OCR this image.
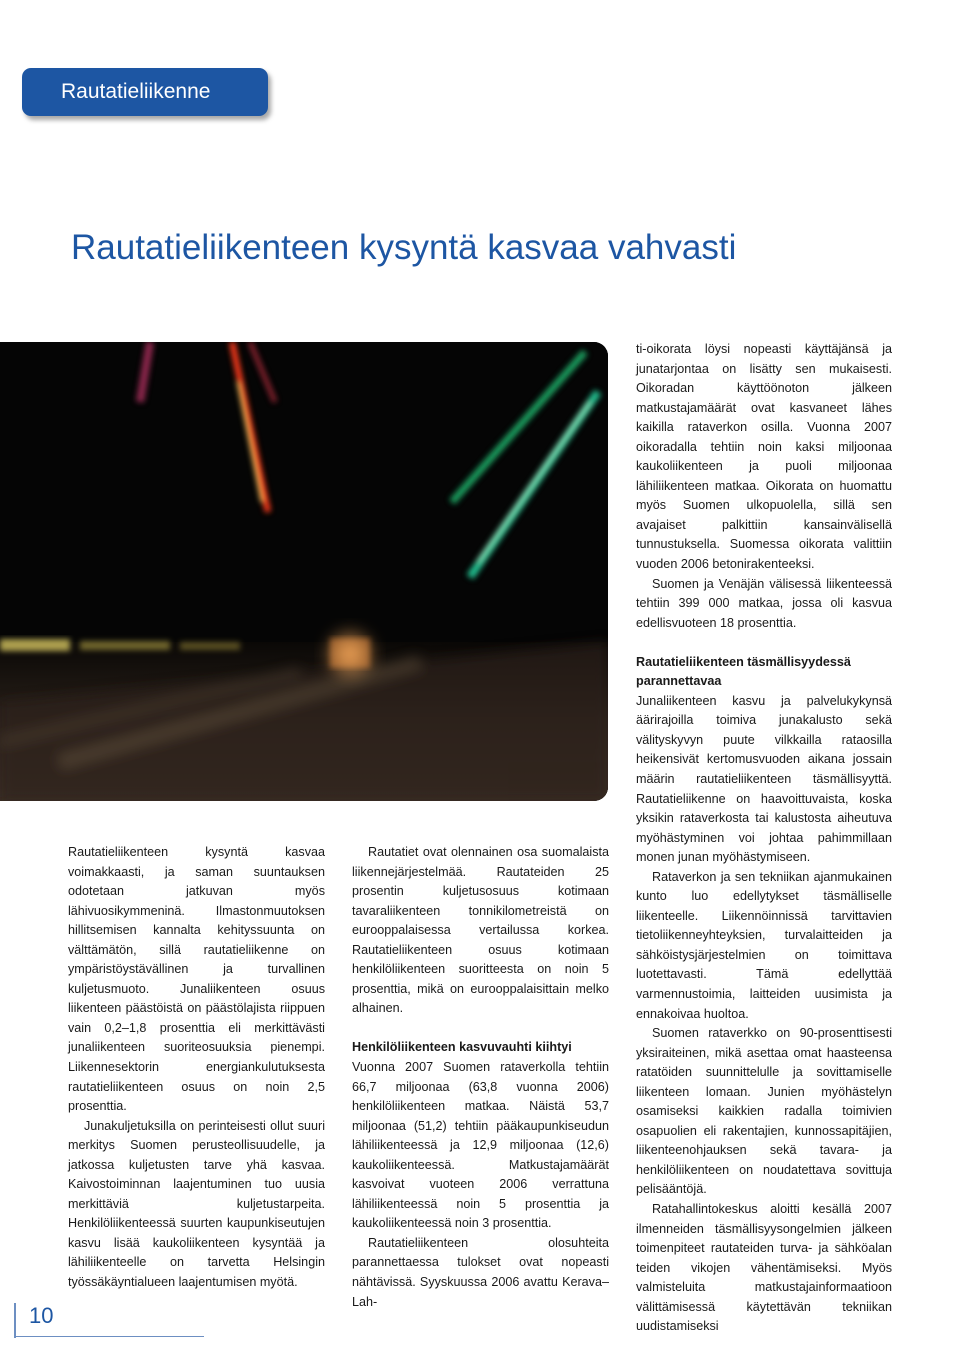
Rautatieliikenne
Rautatieliikenteen kysyntä kasvaa vahvasti

Rautatieliikenteen kysyntä kasvaa voimakkaasti, ja saman suuntauksen odotetaan jatkuvan myös lähivuosikymmeninä. Ilmastonmuutoksen hillitsemisen kannalta kehityssuunta on välttämätön, sillä rautatieliikenne on ympäristöystävällinen ja turvallinen kuljetusmuoto. Junaliikenteen osuus liikenteen päästöistä on päästölajista riippuen vain 0,2–1,8 prosenttia eli merkittävästi junaliikenteen suoriteosuuksia pienempi. Liikennesektorin energiankulutuksesta rautatieliikenteen osuus on noin 2,5 prosenttia.

Junakuljetuksilla on perinteisesti ollut suuri merkitys Suomen perusteollisuudelle, ja jatkossa kuljetusten tarve yhä kasvaa. Kaivostoiminnan laajentuminen tuo uusia merkittäviä kuljetustarpeita. Henkilöliikenteessä suurten kaupunkiseutujen kasvu lisää kaukoliikenteen kysyntää ja lähiliikenteelle on tarvetta Helsingin työssäkäyntialueen laajentumisen myötä.

Rautatiet ovat olennainen osa suomalaista liikennejärjestelmää. Rautateiden 25 prosentin kuljetusosuus kotimaan tavaraliikenteen tonnikilometreistä on eurooppalaisessa vertailussa korkea. Rautatieliikenteen osuus kotimaan henkilöliikenteen suoritteesta on noin 5 prosenttia, mikä on eurooppalaisittain melko alhainen.

Henkilöliikenteen kasvuvauhti kiihtyi

Vuonna 2007 Suomen rataverkolla tehtiin 66,7 miljoonaa (63,8 vuonna 2006) henkilöliikenteen matkaa. Näistä 53,7 miljoonaa (51,2) tehtiin pääkaupunkiseudun lähiliikenteessä ja 12,9 miljoonaa (12,6) kaukoliikenteessä. Matkustajamäärät kasvoivat vuoteen 2006 verrattuna lähiliikenteessä noin 5 prosenttia ja kaukoliikenteessä noin 3 prosenttia.

Rautatieliikenteen olosuhteita parannettaessa tulokset ovat nopeasti nähtävissä. Syyskuussa 2006 avattu Kerava–Lah-

ti-oikorata löysi nopeasti käyttäjänsä ja junatarjontaa on lisätty sen mukaisesti. Oikoradan käyttöönoton jälkeen matkustajamäärät ovat kasvaneet lähes kaikilla rataverkon osilla. Vuonna 2007 oikoradalla tehtiin noin kaksi miljoonaa kaukoliikenteen ja puoli miljoonaa lähiliikenteen matkaa. Oikorata on huomattu myös Suomen ulkopuolella, sillä sen avajaiset palkittiin kansainvälisellä tunnustuksella. Suomessa oikorata valittiin vuoden 2006 betonirakenteeksi.

Suomen ja Venäjän välisessä liikenteessä tehtiin 399 000 matkaa, jossa oli kasvua edellisvuoteen 18 prosenttia.

Rautatieliikenteen täsmällisyydessä parannettavaa

Junaliikenteen kasvu ja palvelukykynsä äärirajoilla toimiva junakalusto sekä välityskyvyn puute vilkkailla rataosilla heikensivät kertomusvuoden aikana jossain määrin rautatieliikenteen täsmällisyyttä. Rautatieliikenne on haavoittuvaista, koska yksikin rataverkosta tai kalustosta aiheutuva myöhästyminen voi johtaa pahimmillaan monen junan myöhästymiseen.

Rataverkon ja sen tekniikan ajanmukainen kunto luo edellytykset täsmälliselle liikenteelle. Liikennöinnissä tarvittavien tietoliikenneyhteyksien, turvalaitteiden ja sähköistysjärjestelmien on toimittava luotettavasti. Tämä edellyttää varmennustoimia, laitteiden uusimista ja ennakoivaa huoltoa.

Suomen rataverkko on 90-prosenttisesti yksiraiteinen, mikä asettaa omat haasteensa ratatöiden suunnittelulle ja sovittamiselle liikenteen lomaan. Junien myöhästelyn osamiseksi kaikkien radalla toimivien osapuolien eli rakentajien, kunnossapitäjien, liikenteenohjauksen sekä tavara- ja henkilöliikenteen on noudatettava sovittuja pelisääntöjä.

Ratahallintokeskus aloitti kesällä 2007 ilmenneiden täsmällisyysongelmien jälkeen toimenpiteet rautateiden turva- ja sähköalan teiden vikojen vähentämiseksi. Myös valmisteluita matkustajainformaatioon välittämisessä käytettävän tekniikan uudistamiseksi

10
